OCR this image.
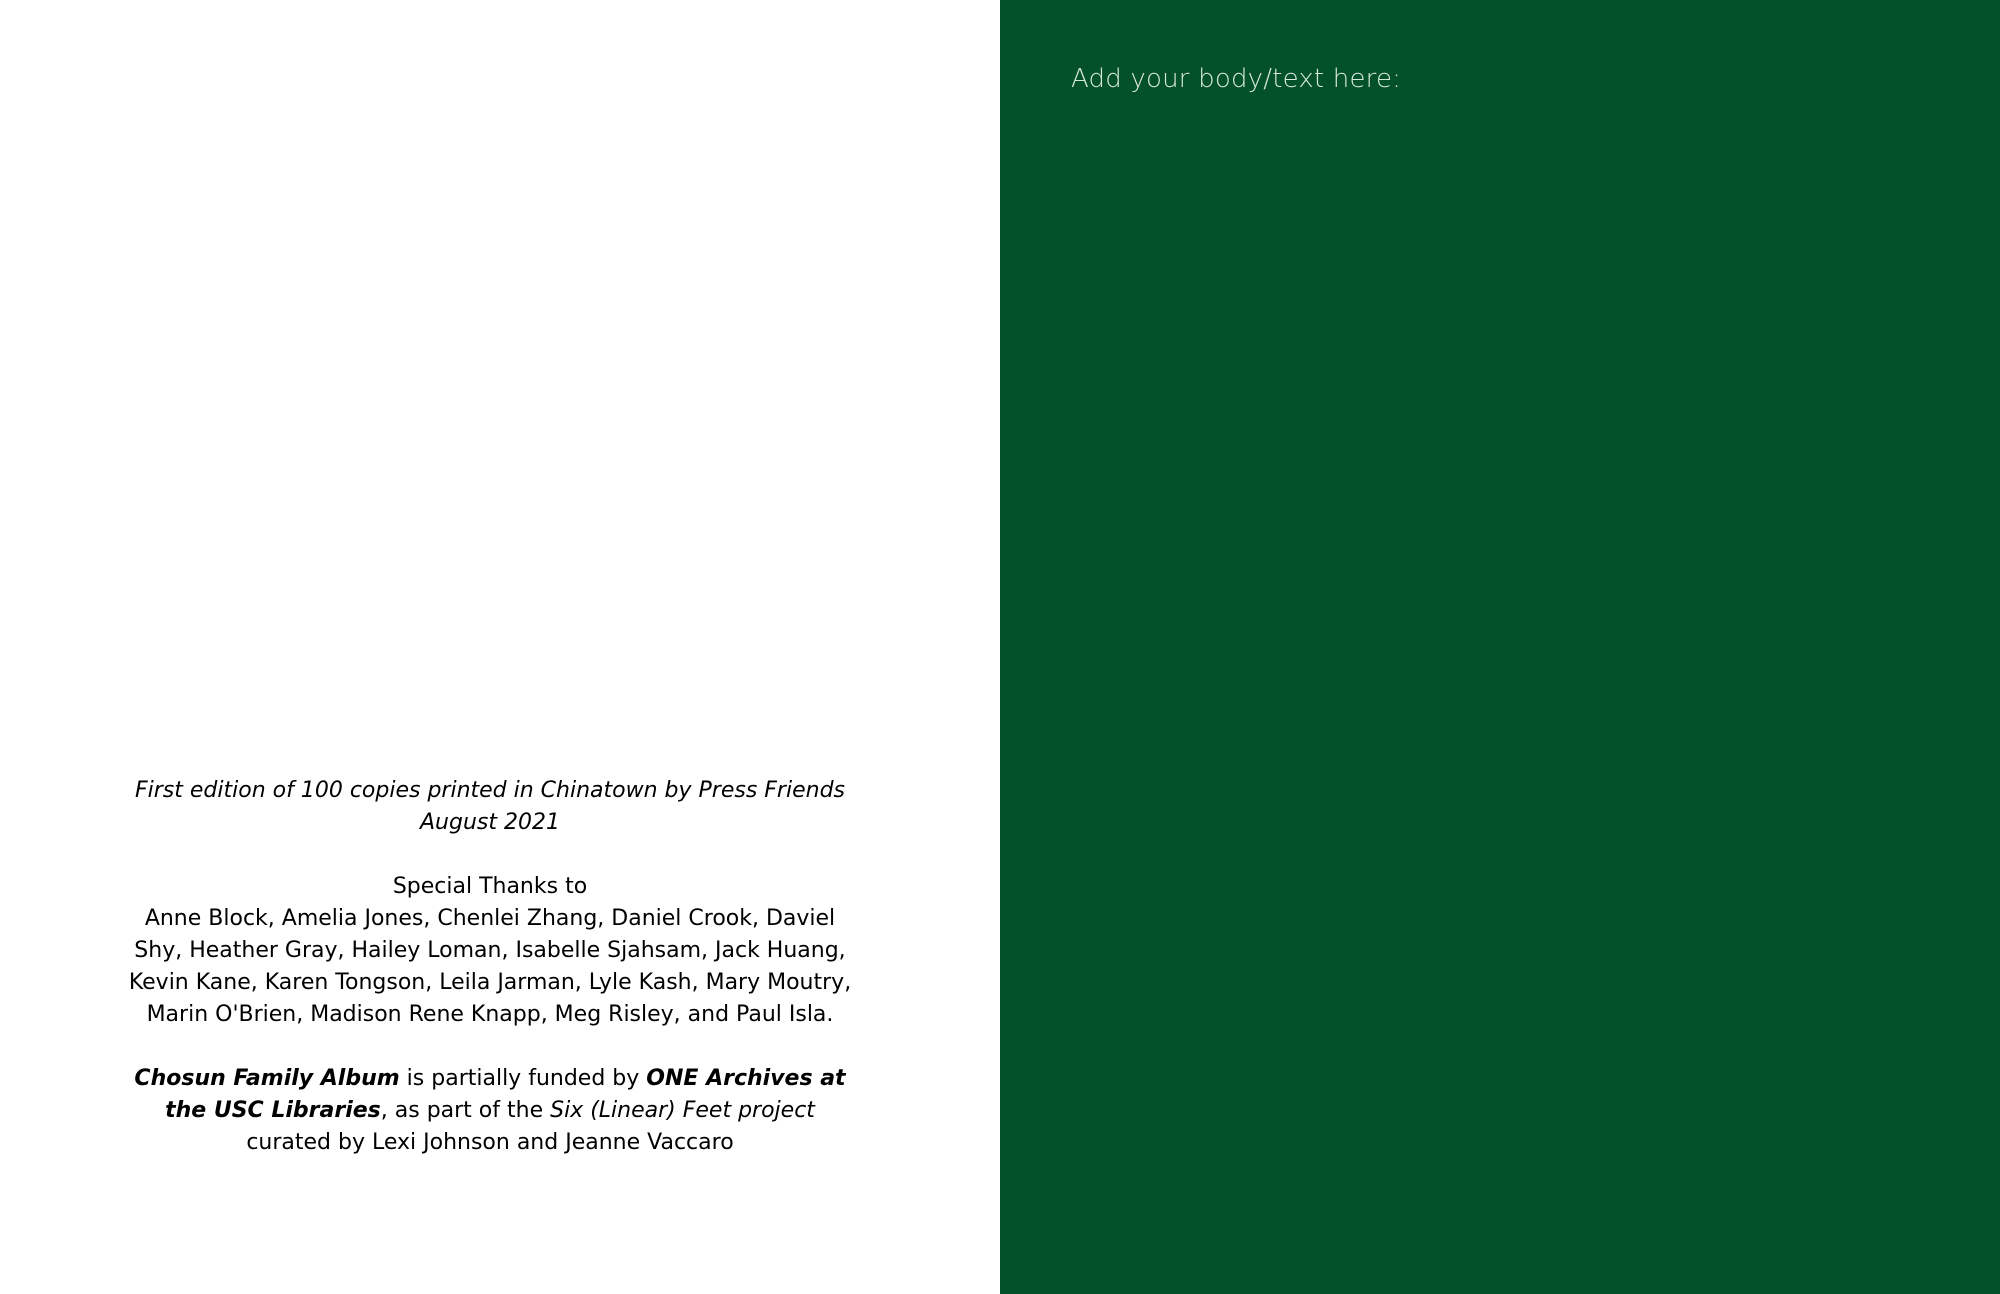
First edition of 100 copies printed in Chinatown by Press Friends

August 2021

Special Thanks to

Anne Block, Amelia Jones, Chenlei Zhang, Daniel Crook, Daviel Shy, Heather Gray, Hailey Loman, Isabelle Sjahsam, Jack Huang, Kevin Kane, Karen Tongson, Leila Jarman, Lyle Kash, Mary Moutry, Marin O'Brien, Madison Rene Knapp, Meg Risley, and Paul Isla.

Chosun Family Album is partially funded by ONE Archives at the USC Libraries, as part of the Six (Linear) Feet project curated by Lexi Johnson and Jeanne Vaccaro

Add your body/text here:
